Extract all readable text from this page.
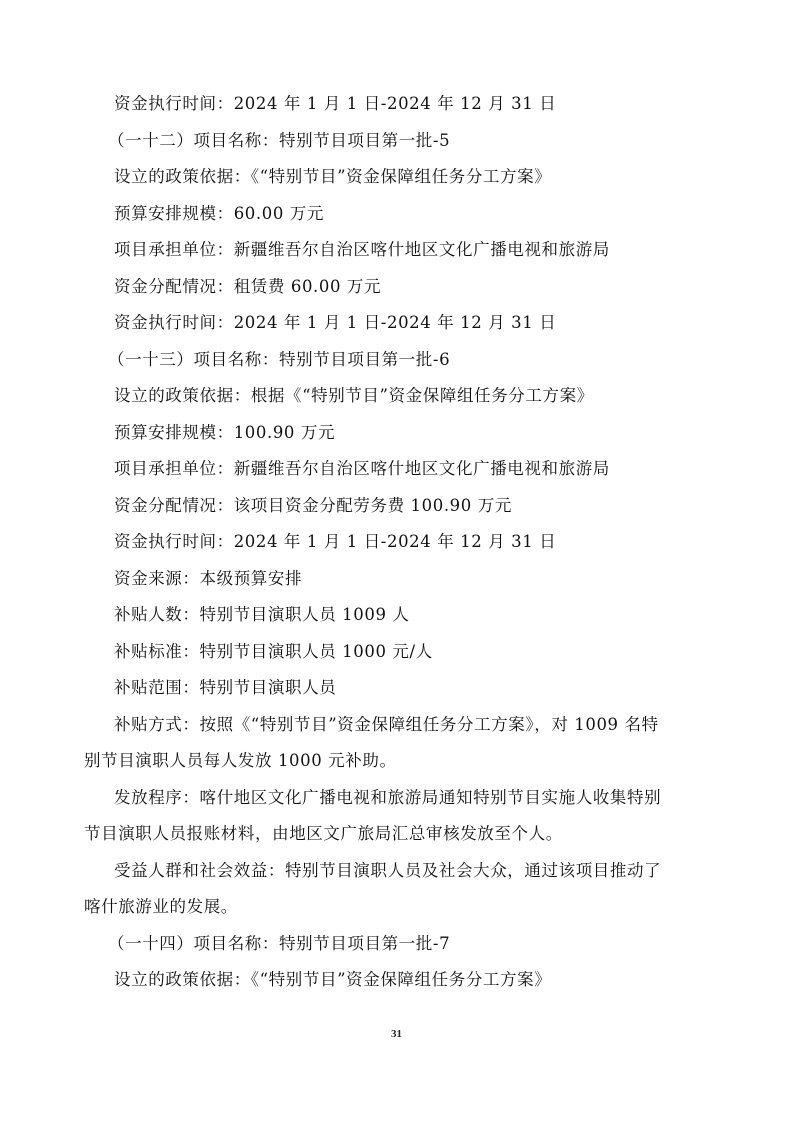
资金执行时间：2024 年 1 月 1 日-2024 年 12 月 31 日
（一十二）项目名称：特别节目项目第一批-5
设立的政策依据：《“特别节目”资金保障组任务分工方案》
预算安排规模：60.00 万元
项目承担单位：新疆维吾尔自治区喀什地区文化广播电视和旅游局
资金分配情况：租赁费 60.00 万元
资金执行时间：2024 年 1 月 1 日-2024 年 12 月 31 日
（一十三）项目名称：特别节目项目第一批-6
设立的政策依据：根据《“特别节目”资金保障组任务分工方案》
预算安排规模：100.90 万元
项目承担单位：新疆维吾尔自治区喀什地区文化广播电视和旅游局
资金分配情况：该项目资金分配劳务费 100.90 万元
资金执行时间：2024 年 1 月 1 日-2024 年 12 月 31 日
资金来源：本级预算安排
补贴人数：特别节目演职人员 1009 人
补贴标准：特别节目演职人员 1000 元/人
补贴范围：特别节目演职人员
补贴方式：按照《“特别节目”资金保障组任务分工方案》，对 1009 名特
别节目演职人员每人发放 1000 元补助。
发放程序：喀什地区文化广播电视和旅游局通知特别节目实施人收集特别
节目演职人员报账材料，由地区文广旅局汇总审核发放至个人。
受益人群和社会效益：特别节目演职人员及社会大众，通过该项目推动了
喀什旅游业的发展。
（一十四）项目名称：特别节目项目第一批-7
设立的政策依据：《“特别节目”资金保障组任务分工方案》
31
